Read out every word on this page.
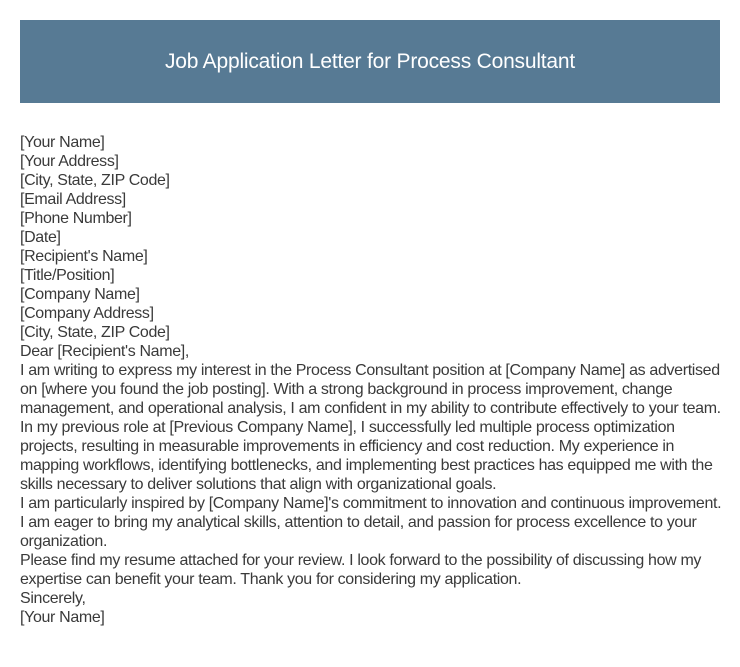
Job Application Letter for Process Consultant
[Your Name]
[Your Address]
[City, State, ZIP Code]
[Email Address]
[Phone Number]
[Date]
[Recipient's Name]
[Title/Position]
[Company Name]
[Company Address]
[City, State, ZIP Code]
Dear [Recipient's Name],
I am writing to express my interest in the Process Consultant position at [Company Name] as advertised on [where you found the job posting]. With a strong background in process improvement, change management, and operational analysis, I am confident in my ability to contribute effectively to your team.
In my previous role at [Previous Company Name], I successfully led multiple process optimization projects, resulting in measurable improvements in efficiency and cost reduction. My experience in mapping workflows, identifying bottlenecks, and implementing best practices has equipped me with the skills necessary to deliver solutions that align with organizational goals.
I am particularly inspired by [Company Name]'s commitment to innovation and continuous improvement. I am eager to bring my analytical skills, attention to detail, and passion for process excellence to your organization.
Please find my resume attached for your review. I look forward to the possibility of discussing how my expertise can benefit your team. Thank you for considering my application.
Sincerely,
[Your Name]
